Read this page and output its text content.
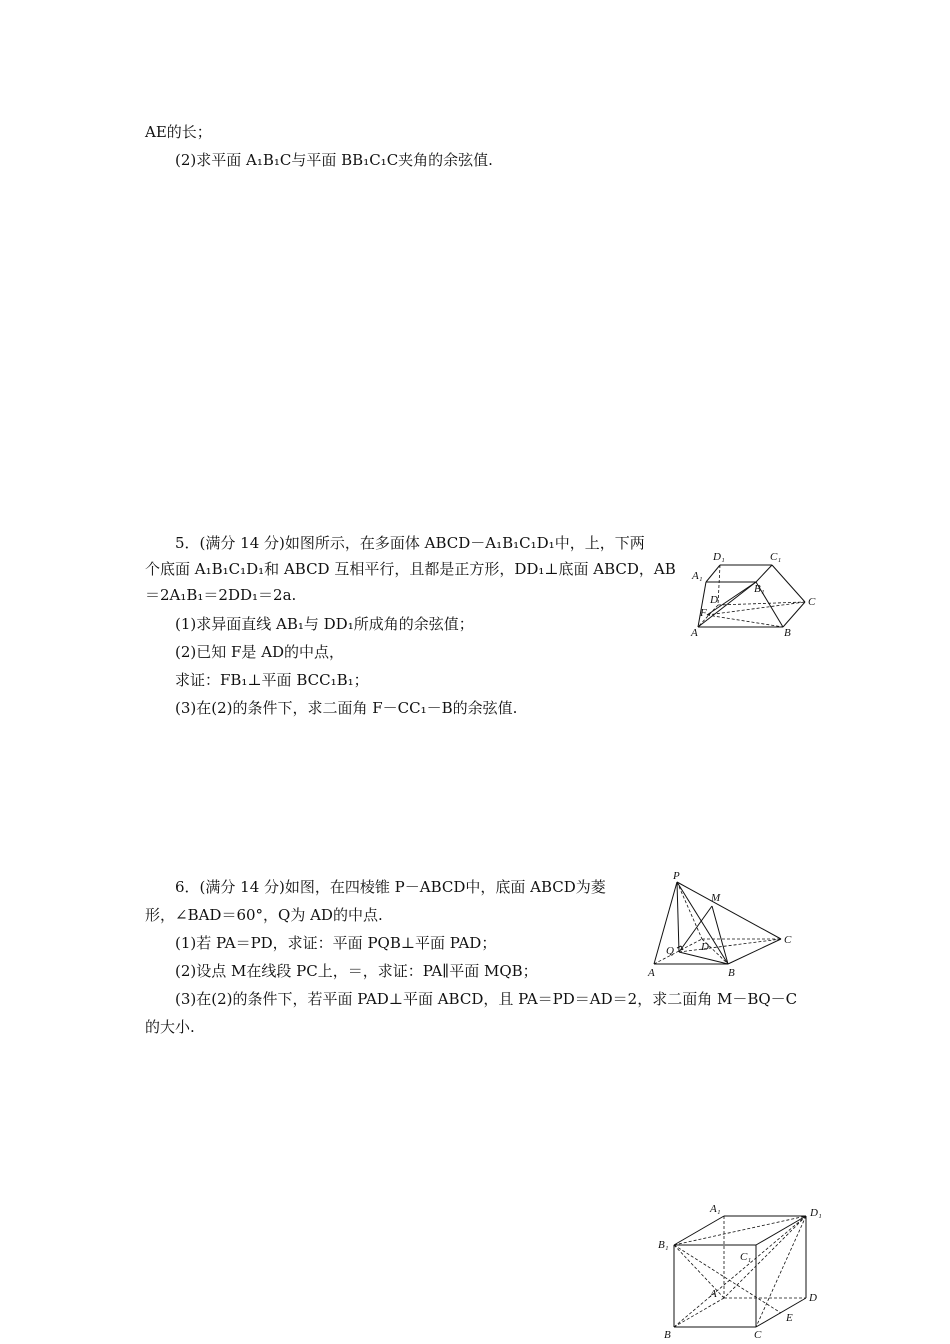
AE的长；
(2)求平面 A₁B₁C与平面 BB₁C₁C夹角的余弦值.
5．(满分 14 分)如图所示，在多面体 ABCD－A₁B₁C₁D₁中，上，下两
个底面 A₁B₁C₁D₁和 ABCD 互相平行，且都是正方形，DD₁⊥底面 ABCD，AB
＝2A₁B₁＝2DD₁＝2a.
(1)求异面直线 AB₁与 DD₁所成角的余弦值；
(2)已知 F是 AD的中点，
求证：FB₁⊥平面 BCC₁B₁；
(3)在(2)的条件下，求二面角 F－CC₁－B的余弦值.
D₁	C₁
A₁
B₁
D
F
C
A	B
6．(满分 14 分)如图，在四棱锥 P－ABCD中，底面 ABCD为菱
形，∠BAD＝60°，Q为 AD的中点.
(1)若 PA＝PD，求证：平面 PQB⊥平面 PAD；
(2)设点 M在线段 PC上，＝，求证：PA∥平面 MQB；
(3)在(2)的条件下，若平面 PAD⊥平面 ABCD，且 PA＝PD＝AD＝2，求二面角 M－BQ－C
的大小.
P
M
Q D
C
A	B
A₁	D₁
B₁
C₁
A	D
E
B	C
